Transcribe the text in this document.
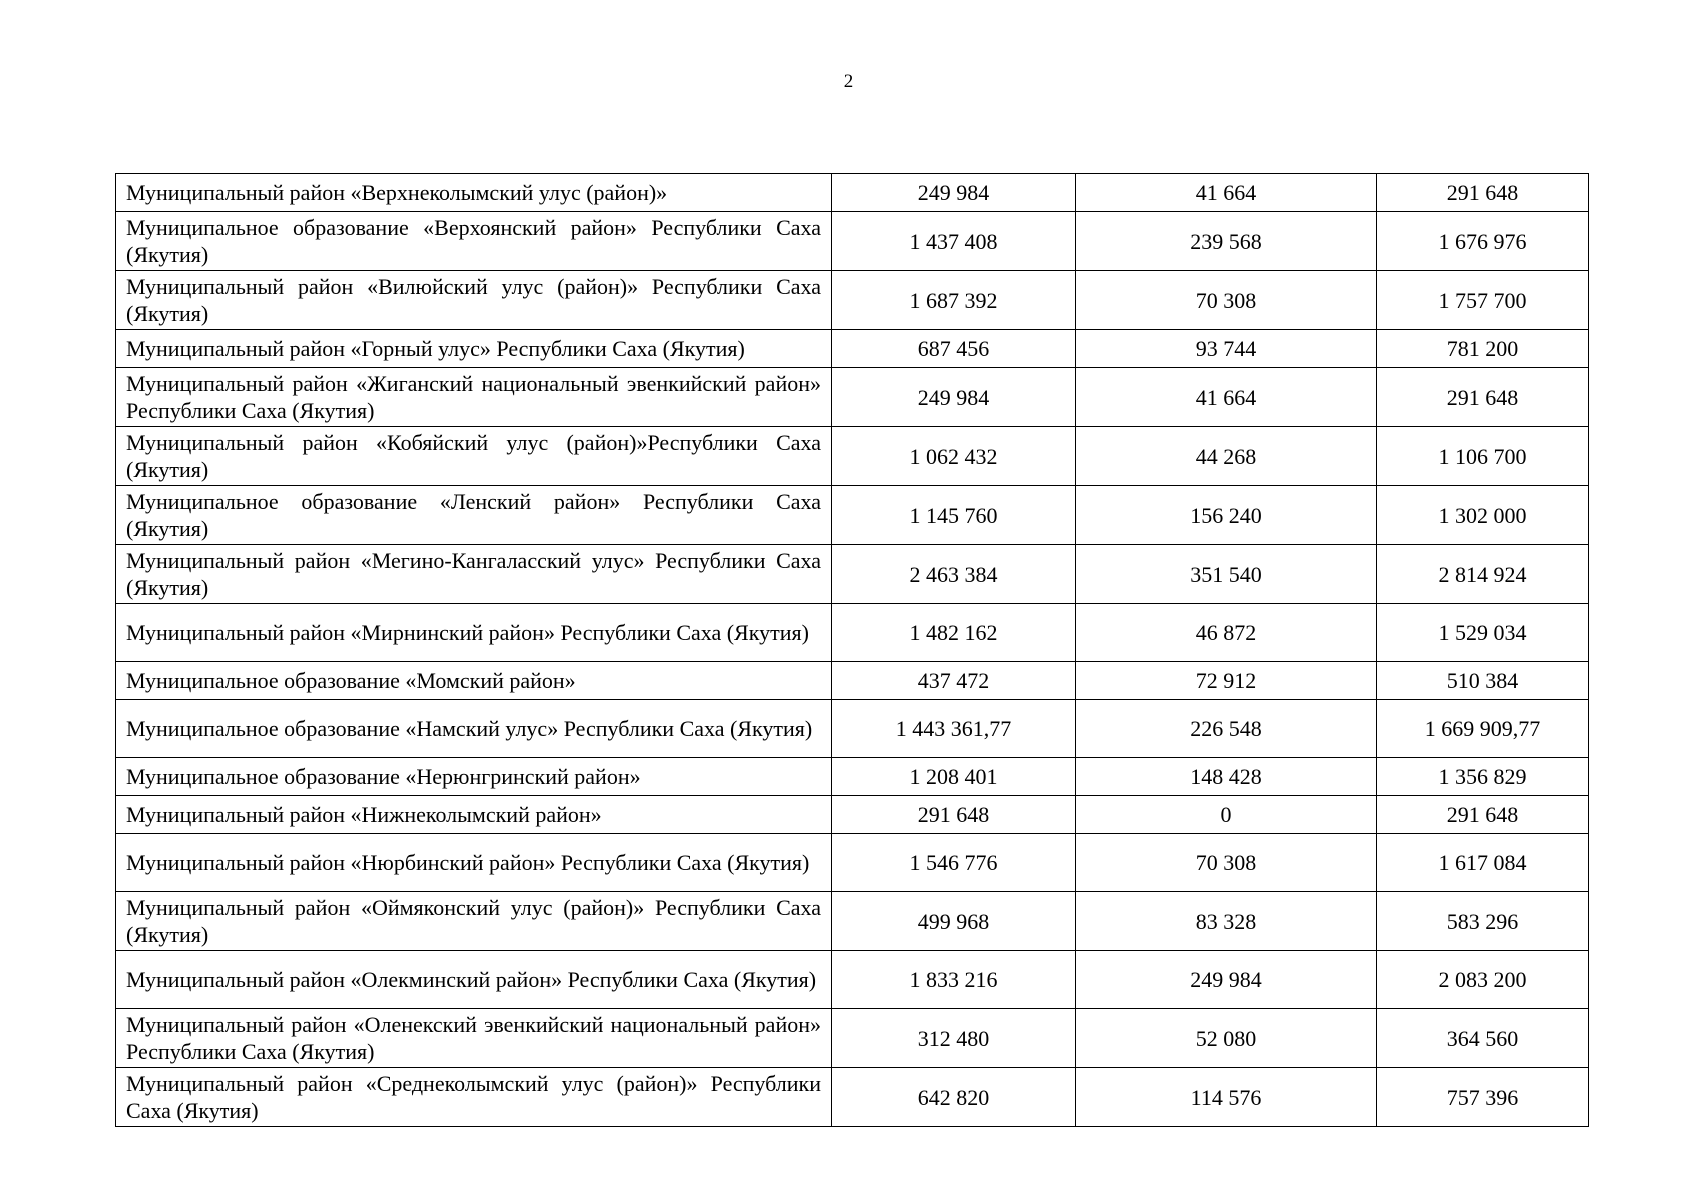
2
Муниципальный район «Верхнеколымский улус (район)»	249 984	41 664	291 648
Муниципальное образование «Верхоянский район» Республики Саха (Якутия)	1 437 408	239 568	1 676 976
Муниципальный район «Вилюйский улус (район)» Республики Саха (Якутия)	1 687 392	70 308	1 757 700
Муниципальный район «Горный улус» Республики Саха (Якутия)	687 456	93 744	781 200
Муниципальный район «Жиганский национальный эвенкийский район» Республики Саха (Якутия)	249 984	41 664	291 648
Муниципальный район «Кобяйский улус (район)»Республики Саха (Якутия)	1 062 432	44 268	1 106 700
Муниципальное образование «Ленский район» Республики Саха (Якутия)	1 145 760	156 240	1 302 000
Муниципальный район «Мегино-Кангаласский улус» Республики Саха (Якутия)	2 463 384	351 540	2 814 924
Муниципальный район «Мирнинский район» Республики Саха (Якутия)	1 482 162	46 872	1 529 034
Муниципальное образование «Момский район»	437 472	72 912	510 384
Муниципальное образование «Намский улус» Республики Саха (Якутия)	1 443 361,77	226 548	1 669 909,77
Муниципальное образование «Нерюнгринский район»	1 208 401	148 428	1 356 829
Муниципальный район «Нижнеколымский район»	291 648	0	291 648
Муниципальный район «Нюрбинский район» Республики Саха (Якутия)	1 546 776	70 308	1 617 084
Муниципальный район «Оймяконский улус (район)» Республики Саха (Якутия)	499 968	83 328	583 296
Муниципальный район «Олекминский район» Республики Саха (Якутия)	1 833 216	249 984	2 083 200
Муниципальный район «Оленекский эвенкийский национальный район» Республики Саха (Якутия)	312 480	52 080	364 560
Муниципальный район «Среднеколымский улус (район)» Республики Саха (Якутия)	642 820	114 576	757 396
